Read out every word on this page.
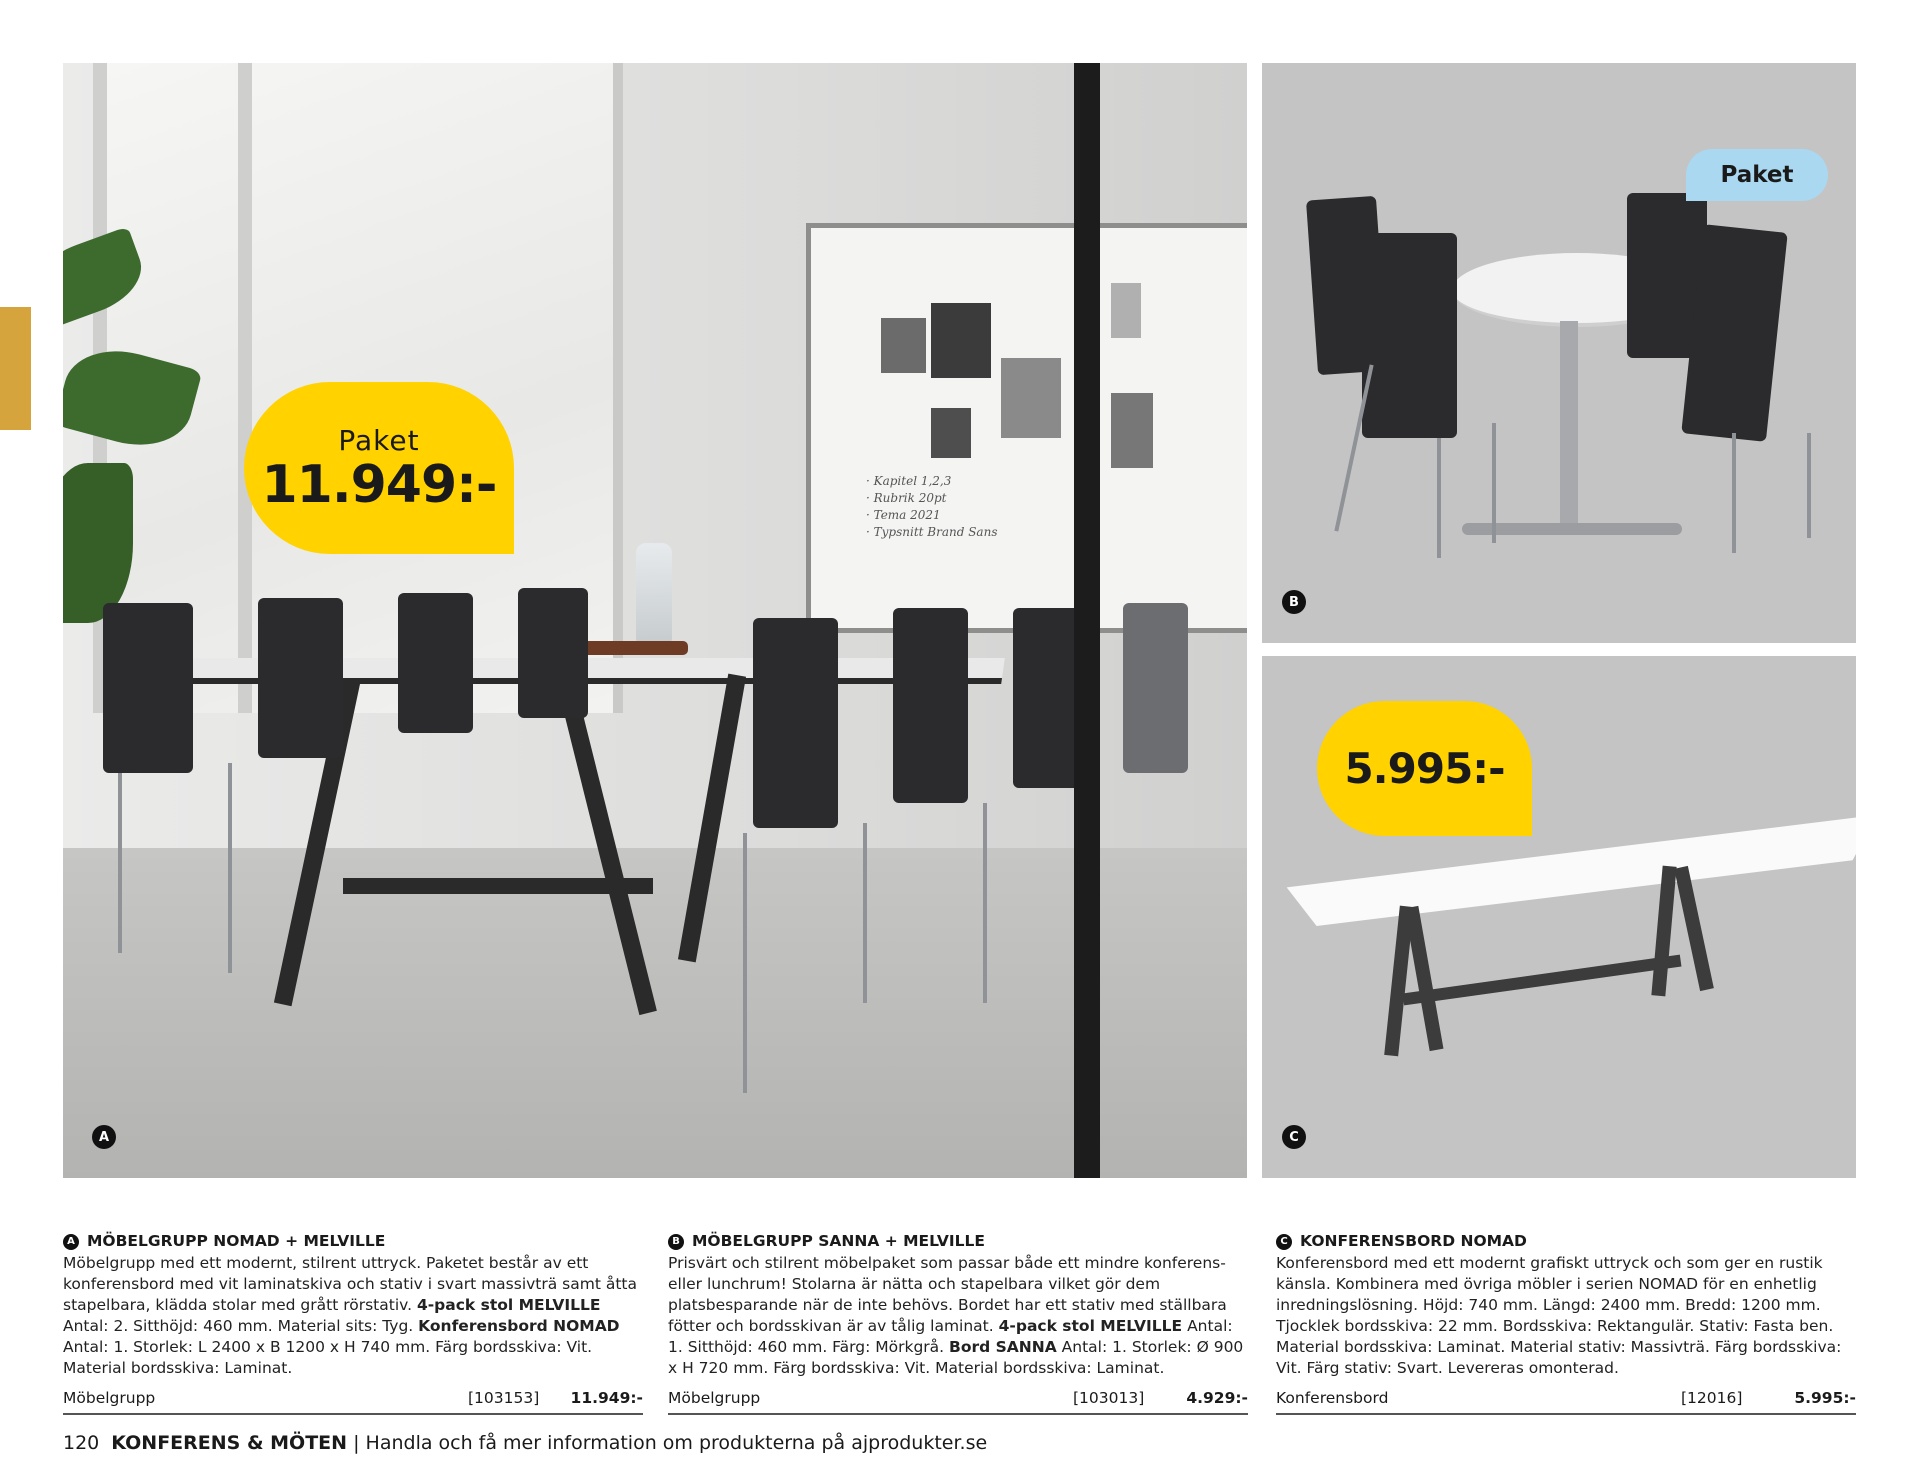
· Kapitel 1,2,3
· Rubrik 20pt
· Tema 2021
· Typsnitt Brand Sans
Paket
11.949:-
A
Paket
B
5.995:-
C
A MÖBELGRUPP NOMAD + MELVILLE
Möbelgrupp med ett modernt, stilrent uttryck. Paketet består av ett konferensbord med vit laminatskiva och stativ i svart massivträ samt åtta stapelbara, klädda stolar med grått rörstativ. 4-pack stol MELVILLE Antal: 2. Sitthöjd: 460 mm. Material sits: Tyg. Konferensbord NOMAD Antal: 1. Storlek: L 2400 x B 1200 x H 740 mm. Färg bordsskiva: Vit. Material bordsskiva: Laminat.
Möbelgrupp	[103153] 11.949:-
B MÖBELGRUPP SANNA + MELVILLE
Prisvärt och stilrent möbelpaket som passar både ett mindre konferens- eller lunchrum! Stolarna är nätta och stapelbara vilket gör dem platsbesparande när de inte behövs. Bordet har ett stativ med ställbara fötter och bordsskivan är av tålig laminat. 4-pack stol MELVILLE Antal: 1. Sitthöjd: 460 mm. Färg: Mörkgrå. Bord SANNA Antal: 1. Storlek: Ø 900 x H 720 mm. Färg bordsskiva: Vit. Material bordsskiva: Laminat.
Möbelgrupp	[103013]	4.929:-
C KONFERENSBORD NOMAD
Konferensbord med ett modernt grafiskt uttryck och som ger en rustik känsla. Kombinera med övriga möbler i serien NOMAD för en enhetlig inredningslösning. Höjd: 740 mm. Längd: 2400 mm. Bredd: 1200 mm. Tjocklek bordsskiva: 22 mm. Bordsskiva: Rektangulär. Stativ: Fasta ben. Material bordsskiva: Laminat. Material stativ: Massivträ. Färg bordsskiva: Vit. Färg stativ: Svart. Levereras omonterad.
Konferensbord	[12016]	5.995:-
120 KONFERENS & MÖTEN | Handla och få mer information om produkterna på ajprodukter.se
